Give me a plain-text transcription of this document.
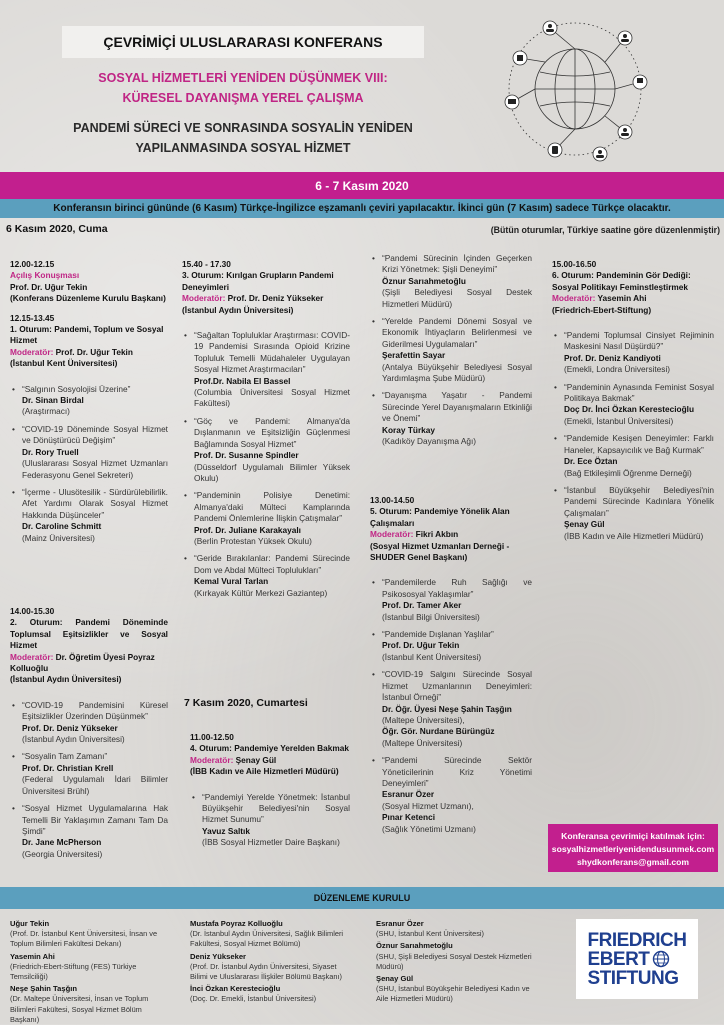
ÇEVRİMİÇİ ULUSLARARASI KONFERANS
SOSYAL HİZMETLERİ YENİDEN DÜŞÜNMEK VIII:
KÜRESEL DAYANIŞMA YEREL ÇALIŞMA
PANDEMİ SÜRECİ VE SONRASINDA SOSYALİN YENİDEN
YAPILANMASINDA SOSYAL HİZMET
6 - 7 Kasım 2020
Konferansın birinci gününde (6 Kasım) Türkçe-İngilizce eşzamanlı çeviri yapılacaktır. İkinci gün (7 Kasım) sadece Türkçe olacaktır.
6 Kasım 2020, Cuma	(Bütün oturumlar, Türkiye saatine göre düzenlenmiştir)

12.00-12.15

Açılış Konuşması

Prof. Dr. Uğur Tekin

(Konferans Düzenleme Kurulu Başkanı)

12.15-13.45

1. Oturum: Pandemi, Toplum ve Sosyal Hizmet

Moderatör: Prof. Dr. Uğur Tekin

(İstanbul Kent Üniversitesi)

• “Salgının Sosyolojisi Üzerine”

Dr. Sinan Birdal

(Araştırmacı)

• “COVID-19 Döneminde Sosyal Hizmet ve Dönüştürücü Değişim”

Dr. Rory Truell

(Uluslararası Sosyal Hizmet Uzmanları Federasyonu Genel Sekreteri)

• “İçerme - Ulusötesilik - Sürdürülebilirlik. Afet Yardımı Olarak Sosyal Hizmet Hakkında Düşünceler”

Dr. Caroline Schmitt

(Mainz Üniversitesi)

14.00-15.30

2. Oturum: Pandemi Döneminde Toplumsal Eşitsizlikler ve Sosyal Hizmet

Moderatör: Dr. Öğretim Üyesi Poyraz Kolluoğlu

(İstanbul Aydın Üniversitesi)

• “COVID-19 Pandemisini Küresel Eşitsizlikler Üzerinden Düşünmek”

Prof. Dr. Deniz Yükseker

(İstanbul Aydın Üniversitesi)

• “Sosyalin Tam Zamanı”

Prof. Dr. Christian Krell

(Federal Uygulamalı İdari Bilimler Üniversitesi Brühl)

• “Sosyal Hizmet Uygulamalarına Hak Temelli Bir Yaklaşımın Zamanı Tam Da Şimdi”

Dr. Jane McPherson

(Georgia Üniversitesi)

15.40 - 17.30

3. Oturum: Kırılgan Grupların Pandemi Deneyimleri

Moderatör: Prof. Dr. Deniz Yükseker

(İstanbul Aydın Üniversitesi)

• “Sağaltan Topluluklar Araştırması: COVID-19 Pandemisi Sırasında Opioid Krizine Topluluk Temelli Müdahaleler Uygulayan Sosyal Hizmet Araştırmacıları”

Prof.Dr. Nabila El Bassel

(Columbia Üniversitesi Sosyal Hizmet Fakültesi)

• “Göç ve Pandemi: Almanya'da Dışlanmanın ve Eşitsizliğin Güçlenmesi Bağlamında Sosyal Hizmet”

Prof. Dr. Susanne Spindler

(Düsseldorf Uygulamalı Bilimler Yüksek Okulu)

• “Pandeminin Polisiye Denetimi: Almanya'daki Mülteci Kamplarında Pandemi Önlemlerine İlişkin Çatışmalar”

Prof. Dr. Juliane Karakayalı

(Berlin Protestan Yüksek Okulu)

• “Geride Bırakılanlar: Pandemi Sürecinde Dom ve Abdal Mülteci Toplulukları”

Kemal Vural Tarlan

(Kırkayak Kültür Merkezi Gaziantep)

7 Kasım 2020, Cumartesi

11.00-12.50

4. Oturum: Pandemiye Yerelden Bakmak

Moderatör: Şenay Gül

(İBB Kadın ve Aile Hizmetleri Müdürü)

• “Pandemiyi Yerelde Yönetmek: İstanbul Büyükşehir Belediyesi'nin Sosyal Hizmet Sunumu”

Yavuz Saltık

(İBB Sosyal Hizmetler Daire Başkanı)

• “Pandemi Sürecinin İçinden Geçerken Krizi Yönetmek: Şişli Deneyimi”

Öznur Sarıahmetoğlu

(Şişli Belediyesi Sosyal Destek Hizmetleri Müdürü)

• “Yerelde Pandemi Dönemi Sosyal ve Ekonomik İhtiyaçların Belirlenmesi ve Giderilmesi Uygulamaları”

Şerafettin Sayar

(Antalya Büyükşehir Belediyesi Sosyal Yardımlaşma Şube Müdürü)

• “Dayanışma Yaşatır - Pandemi Sürecinde Yerel Dayanışmaların Etkinliği ve Önemi”

Koray Türkay

(Kadıköy Dayanışma Ağı)

13.00-14.50

5. Oturum: Pandemiye Yönelik Alan Çalışmaları

Moderatör: Fikri Akbın

(Sosyal Hizmet Uzmanları Derneği - SHUDER Genel Başkanı)

• “Pandemilerde Ruh Sağlığı ve Psikososyal Yaklaşımlar”

Prof. Dr. Tamer Aker

(İstanbul Bilgi Üniversitesi)

• “Pandemide Dışlanan Yaşlılar”

Prof. Dr. Uğur Tekin

(İstanbul Kent Üniversitesi)

• “COVID-19 Salgını Sürecinde Sosyal Hizmet Uzmanlarının Deneyimleri: İstanbul Örneği”

Dr. Öğr. Üyesi Neşe Şahin Taşğın

(Maltepe Üniversitesi),

Öğr. Gör. Nurdane Bürüngüz

(Maltepe Üniversitesi)

• “Pandemi Sürecinde Sektör Yöneticilerinin Kriz Yönetimi Deneyimleri”

Esranur Özer

(Sosyal Hizmet Uzmanı),

Pınar Ketenci

(Sağlık Yönetimi Uzmanı)

15.00-16.50

6. Oturum: Pandeminin Gör Dediği: Sosyal Politikayı Feminstleştirmek

Moderatör: Yasemin Ahi

(Friedrich-Ebert-Stiftung)

• “Pandemi Toplumsal Cinsiyet Rejiminin Maskesini Nasıl Düşürdü?”

Prof. Dr. Deniz Kandiyoti

(Emekli, Londra Üniversitesi)

• “Pandeminin Aynasında Feminist Sosyal Politikaya Bakmak”

Doç Dr. İnci Özkan Kerestecioğlu

(Emekli, İstanbul Üniversitesi)

• “Pandemide Kesişen Deneyimler: Farklı Haneler, Kapsayıcılık ve Bağ Kurmak”

Dr. Ece Öztan

(Bağ Etkileşimli Öğrenme Derneği)

• “İstanbul Büyükşehir Belediyesi'nin Pandemi Sürecinde Kadınlara Yönelik Çalışmaları”

Şenay Gül

(İBB Kadın ve Aile Hizmetleri Müdürü)

Konferansa çevrimiçi katılmak için:
sosyalhizmetleriyenidendusunmek.com
shydkonferans@gmail.com
DÜZENLEME KURULU

Uğur Tekin

(Prof. Dr. İstanbul Kent Üniversitesi, İnsan ve Toplum Bilimleri Fakültesi Dekanı)

Yasemin Ahi

(Friedrich-Ebert-Stiftung (FES) Türkiye Temsilciliği)

Neşe Şahin Taşğın

(Dr. Maltepe Üniversitesi, İnsan ve Toplum Bilimleri Fakültesi, Sosyal Hizmet Bölüm Başkanı)

Mustafa Poyraz Kolluoğlu

(Dr. İstanbul Aydın Üniversitesi, Sağlık Bilimleri Fakültesi, Sosyal Hizmet Bölümü)

Deniz Yükseker

(Prof. Dr. İstanbul Aydın Üniversitesi, Siyaset Bilimi ve Uluslararası İlişkiler Bölümü Başkanı)

İnci Özkan Kerestecioğlu

(Doç. Dr. Emekli, İstanbul Üniversitesi)

Esranur Özer

(SHU, İstanbul Kent Üniversitesi)

Öznur Sarıahmetoğlu

(SHU, Şişli Belediyesi Sosyal Destek Hizmetleri Müdürü)

Şenay Gül

(SHU, İstanbul Büyükşehir Belediyesi Kadın ve Aile Hizmetleri Müdürü)

FRIEDRICH
EBERT
STIFTUNG
